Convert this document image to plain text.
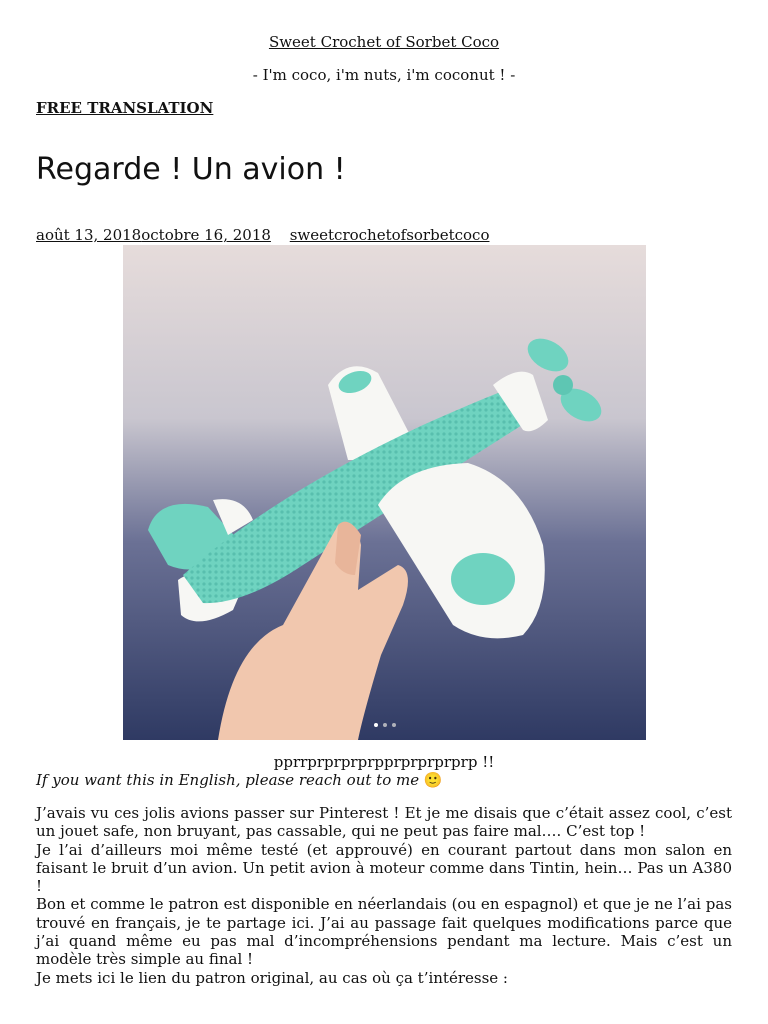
Sweet Crochet of Sorbet Coco
- I'm coco, i'm nuts, i'm coconut ! -
FREE TRANSLATION
Regarde ! Un avion !
août 13, 2018octobre 16, 2018 sweetcrochetofsorbetcoco
pprrprprprprpprprprprprp !!
If you want this in English, please reach out to me 🙂

J’avais vu ces jolis avions passer sur Pinterest ! Et je me disais que c’était assez cool, c’est un jouet safe, non bruyant, pas cassable, qui ne peut pas faire mal…. C’est top !

Je l’ai d’ailleurs moi même testé (et approuvé) en courant partout dans mon salon en faisant le bruit d’un avion. Un petit avion à moteur comme dans Tintin, hein… Pas un A380 !

Bon et comme le patron est disponible en néerlandais (ou en espagnol) et que je ne l’ai pas trouvé en français, je te partage ici. J’ai au passage fait quelques modifications parce que j’ai quand même eu pas mal d’incompréhensions pendant ma lecture. Mais c’est un modèle très simple au final !

Je mets ici le lien du patron original, au cas où ça t’intéresse :
